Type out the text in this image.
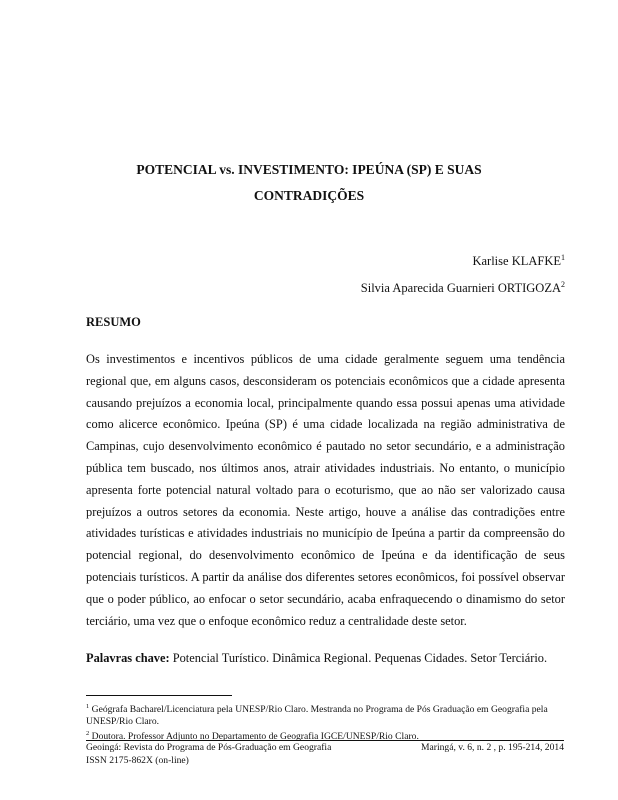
POTENCIAL vs. INVESTIMENTO: IPEÚNA (SP) E SUAS
CONTRADIÇÕES
Karlise KLAFKE$^1$
Silvia Aparecida Guarnieri ORTIGOZA$^2$
RESUMO

Os investimentos e incentivos públicos de uma cidade geralmente seguem uma tendência regional que, em alguns casos, desconsideram os potenciais econômicos que a cidade apresenta causando prejuízos a economia local, principalmente quando essa possui apenas uma atividade como alicerce econômico. Ipeúna (SP) é uma cidade localizada na região administrativa de Campinas, cujo desenvolvimento econômico é pautado no setor secundário, e a administração pública tem buscado, nos últimos anos, atrair atividades industriais. No entanto, o município apresenta forte potencial natural voltado para o ecoturismo, que ao não ser valorizado causa prejuízos a outros setores da economia. Neste artigo, houve a análise das contradições entre atividades turísticas e atividades industriais no município de Ipeúna a partir da compreensão do potencial regional, do desenvolvimento econômico de Ipeúna e da identificação de seus potenciais turísticos. A partir da análise dos diferentes setores econômicos, foi possível observar que o poder público, ao enfocar o setor secundário, acaba enfraquecendo o dinamismo do setor terciário, uma vez que o enfoque econômico reduz a centralidade deste setor.

Palavras chave: Potencial Turístico. Dinâmica Regional. Pequenas Cidades. Setor Terciário.
$^1$ Geógrafa Bacharel/Licenciatura pela UNESP/Rio Claro. Mestranda no Programa de Pós Graduação em Geografia pela UNESP/Rio Claro.
$^2$ Doutora. Professor Adjunto no Departamento de Geografia IGCE/UNESP/Rio Claro.
Geoingá: Revista do Programa de Pós-Graduação em Geografia
ISSN 2175-862X (on-line)
Maringá, v. 6, n. 2 , p. 195-214, 2014
